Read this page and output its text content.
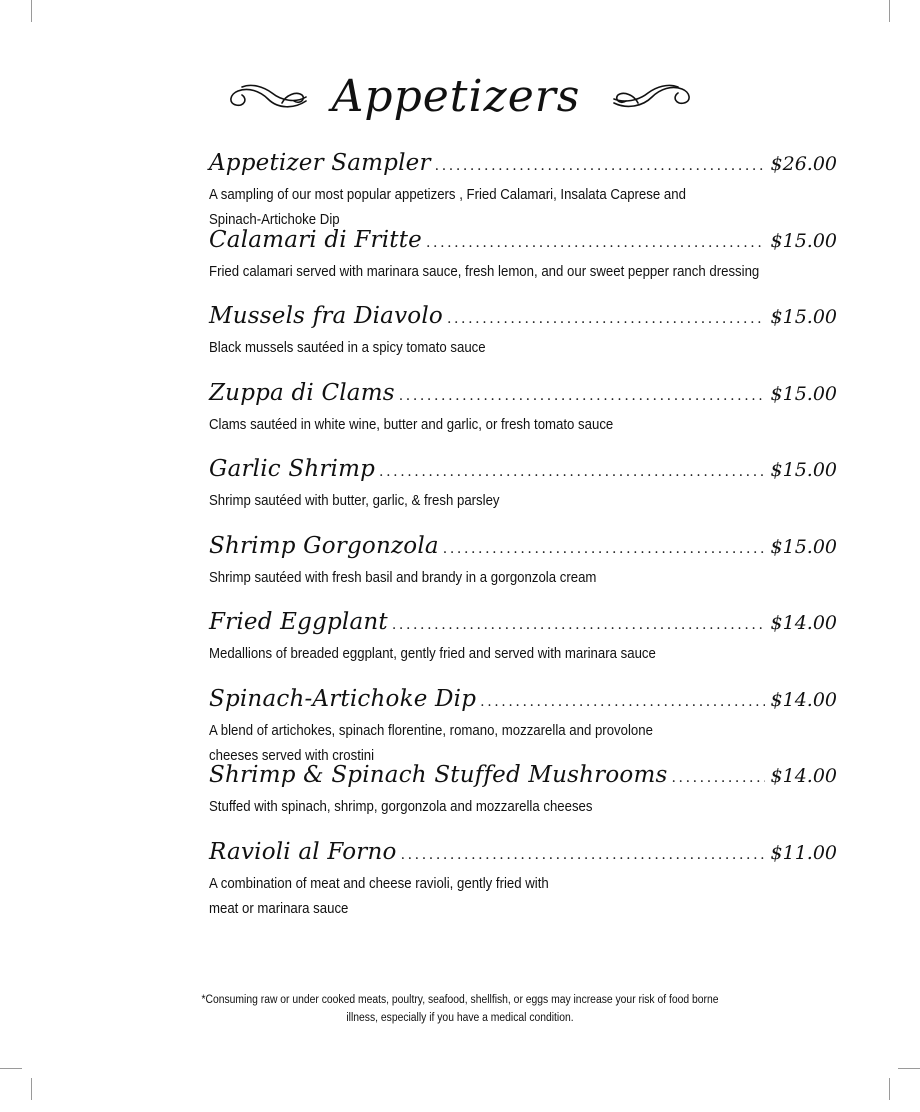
Appetizers
Appetizer Sampler .....	$26.00
A sampling of our most popular appetizers , Fried Calamari, Insalata Caprese and Spinach-Artichoke Dip
Calamari di Fritte .....	$15.00
Fried calamari served with marinara sauce, fresh lemon, and our sweet pepper ranch dressing
Mussels fra Diavolo .....	$15.00
Black mussels sautéed in a spicy tomato sauce
Zuppa di Clams .....	$15.00
Clams sautéed in white wine, butter and garlic, or fresh tomato sauce
Garlic Shrimp .....	$15.00
Shrimp sautéed with butter, garlic, & fresh parsley
Shrimp Gorgonzola .....	$15.00
Shrimp sautéed with fresh basil and brandy in a gorgonzola cream
Fried Eggplant .....	$14.00
Medallions of breaded eggplant, gently fried and served with marinara sauce
Spinach-Artichoke Dip .....	$14.00
A blend of artichokes, spinach florentine, romano, mozzarella and provolone cheeses served with crostini
Shrimp & Spinach Stuffed Mushrooms .....	$14.00
Stuffed with spinach, shrimp, gorgonzola and mozzarella cheeses
Ravioli al Forno .....	$11.00
A combination of meat and cheese ravioli, gently fried with meat or marinara sauce

*Consuming raw or under cooked meats, poultry, seafood, shellfish, or eggs may increase your risk of food borne illness, especially if you have a medical condition.
